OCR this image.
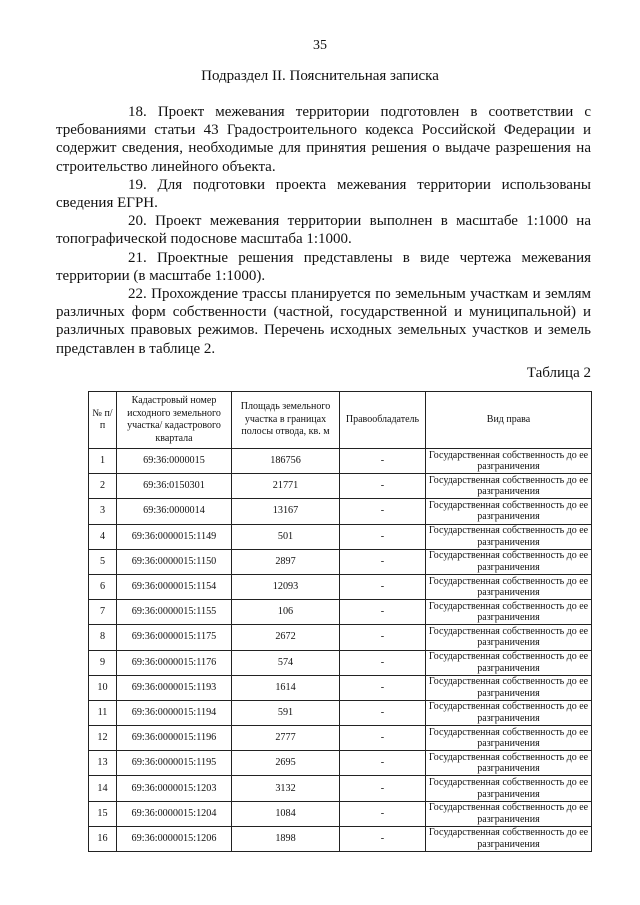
35
Подраздел II. Пояснительная записка

18. Проект межевания территории подготовлен в соответствии с требованиями статьи 43 Градостроительного кодекса Российской Федерации и содержит сведения, необходимые для принятия решения о выдаче разрешения на строительство линейного объекта.

19. Для подготовки проекта межевания территории использованы сведения ЕГРН.

20. Проект межевания территории выполнен в масштабе 1:1000 на топографической подоснове масштаба 1:1000.

21. Проектные решения представлены в виде чертежа межевания территории (в масштабе 1:1000).

22. Прохождение трассы планируется по земельным участкам и землям различных форм собственности (частной, государственной и муниципальной) и различных правовых режимов. Перечень исходных земельных участков и земель представлен в таблице 2.

Таблица 2
№ п/п	Кадастровый номер исходного земельного участка/ кадастрового квартала	Площадь земельного участка в границах полосы отвода, кв. м	Правообладатель	Вид права
1	69:36:0000015	186756	-	Государственная собственность до ее разграничения
2	69:36:0150301	21771	-	Государственная собственность до ее разграничения
3	69:36:0000014	13167	-	Государственная собственность до ее разграничения
4	69:36:0000015:1149	501	-	Государственная собственность до ее разграничения
5	69:36:0000015:1150	2897	-	Государственная собственность до ее разграничения
6	69:36:0000015:1154	12093	-	Государственная собственность до ее разграничения
7	69:36:0000015:1155	106	-	Государственная собственность до ее разграничения
8	69:36:0000015:1175	2672	-	Государственная собственность до ее разграничения
9	69:36:0000015:1176	574	-	Государственная собственность до ее разграничения
10	69:36:0000015:1193	1614	-	Государственная собственность до ее разграничения
11	69:36:0000015:1194	591	-	Государственная собственность до ее разграничения
12	69:36:0000015:1196	2777	-	Государственная собственность до ее разграничения
13	69:36:0000015:1195	2695	-	Государственная собственность до ее разграничения
14	69:36:0000015:1203	3132	-	Государственная собственность до ее разграничения
15	69:36:0000015:1204	1084	-	Государственная собственность до ее разграничения
16	69:36:0000015:1206	1898	-	Государственная собственность до ее разграничения
